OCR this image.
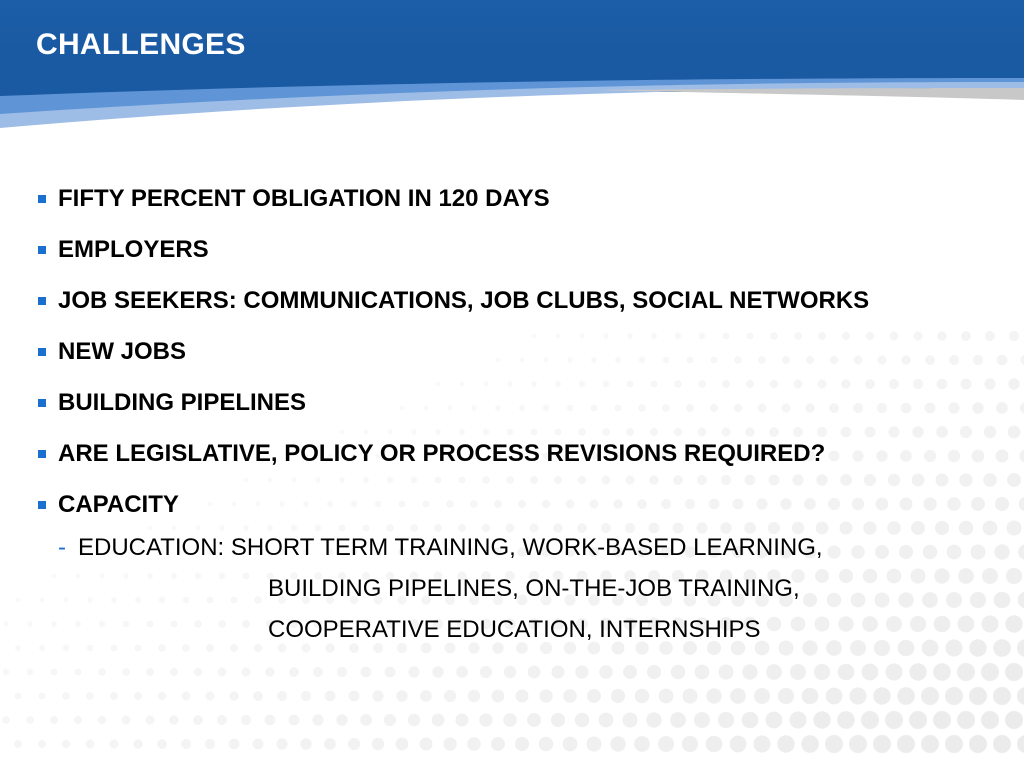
CHALLENGES
FIFTY PERCENT OBLIGATION IN 120 DAYS
EMPLOYERS
JOB SEEKERS: COMMUNICATIONS, JOB CLUBS, SOCIAL NETWORKS
NEW JOBS
BUILDING PIPELINES
ARE LEGISLATIVE, POLICY OR PROCESS REVISIONS REQUIRED?
CAPACITY
- EDUCATION: SHORT TERM TRAINING, WORK-BASED LEARNING,
BUILDING PIPELINES, ON-THE-JOB TRAINING,
COOPERATIVE EDUCATION, INTERNSHIPS
